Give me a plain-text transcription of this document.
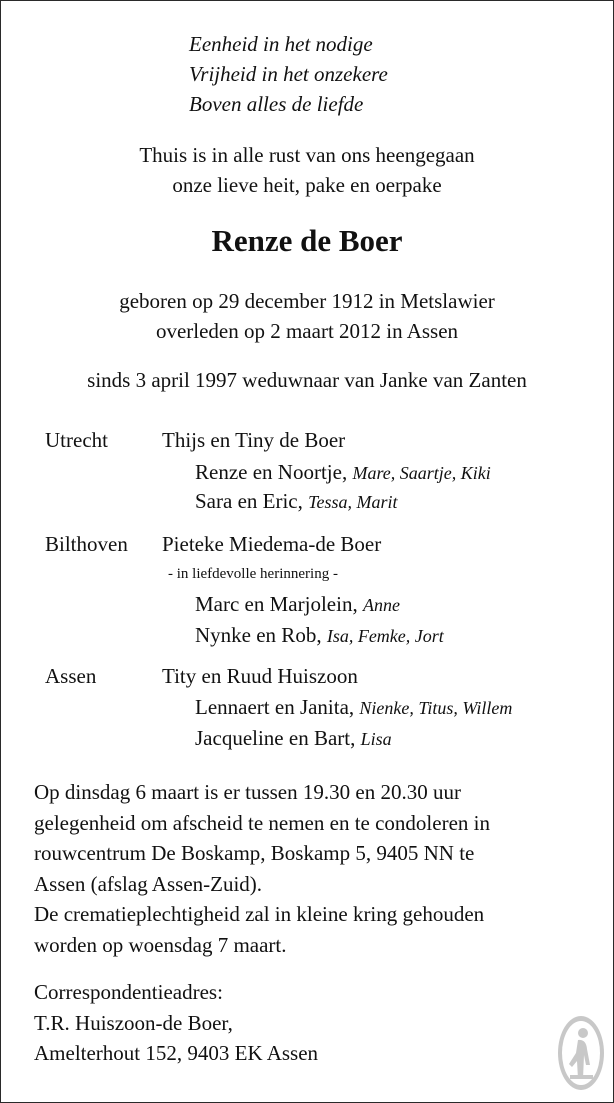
Eenheid in het nodige
Vrijheid in het onzekere
Boven alles de liefde
Thuis is in alle rust van ons heengegaan
onze lieve heit, pake en oerpake
Renze de Boer
geboren op 29 december 1912 in Metslawier
overleden op 2 maart 2012 in Assen
sinds 3 april 1997 weduwnaar van Janke van Zanten
Utrecht	Thijs en Tiny de Boer
Renze en Noortje, Mare, Saartje, Kiki
Sara en Eric, Tessa, Marit
Bilthoven Pieteke Miedema-de Boer
- in liefdevolle herinnering -
Marc en Marjolein, Anne
Nynke en Rob, Isa, Femke, Jort
Assen	Tity en Ruud Huiszoon
Lennaert en Janita, Nienke, Titus, Willem
Jacqueline en Bart, Lisa
Op dinsdag 6 maart is er tussen 19.30 en 20.30 uur
gelegenheid om afscheid te nemen en te condoleren in
rouwcentrum De Boskamp, Boskamp 5, 9405 NN te
Assen (afslag Assen-Zuid).
De crematieplechtigheid zal in kleine kring gehouden
worden op woensdag 7 maart.
Correspondentieadres:
T.R. Huiszoon-de Boer,
Amelterhout 152, 9403 EK Assen
